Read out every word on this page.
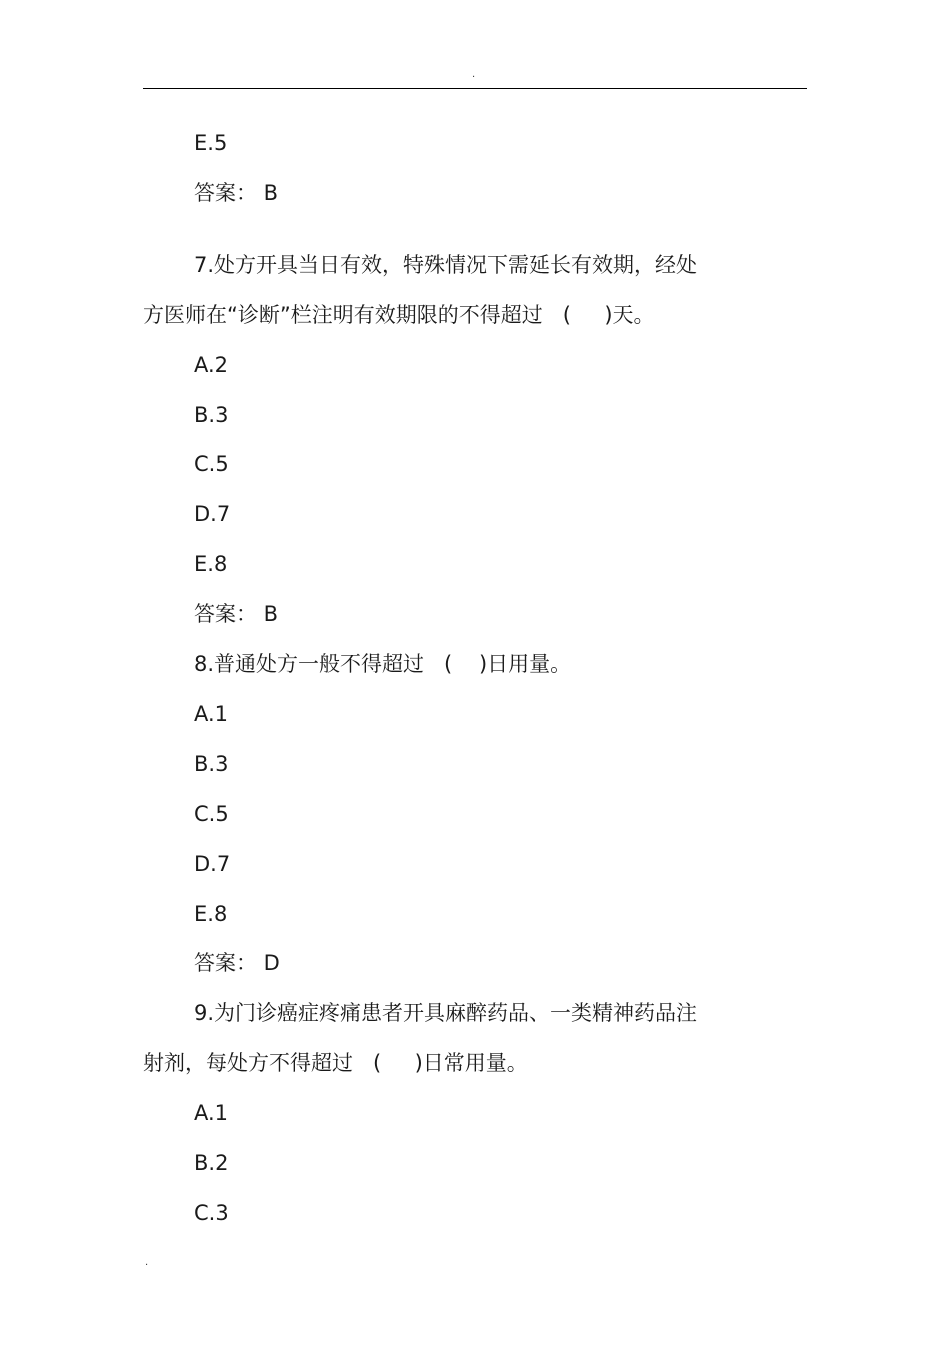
.
E.5
答案： B
7.处方开具当日有效，特殊情况下需延长有效期，经处
方医师在“诊断”栏注明有效期限的不得超过   (     )天。
A.2
B.3
C.5
D.7
E.8
答案： B
8.普通处方一般不得超过   (    )日用量。
A.1
B.3
C.5
D.7
E.8
答案： D
9.为门诊癌症疼痛患者开具麻醉药品、一类精神药品注
射剂，每处方不得超过   (     )日常用量。
A.1
B.2
C.3
.
